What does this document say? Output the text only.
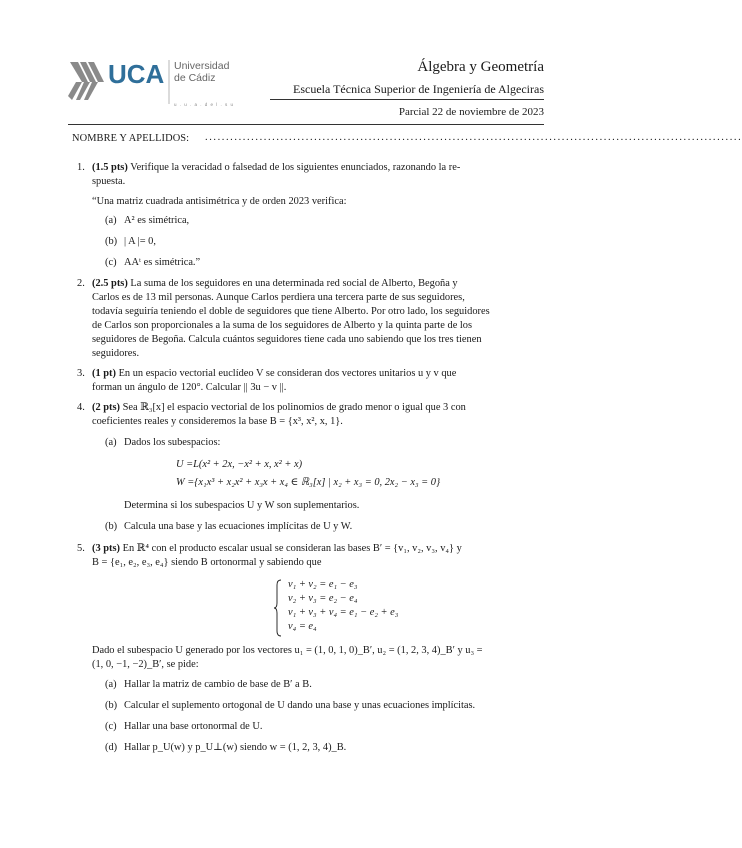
UCA Universidad
de Cádiz
u . u . a . d e l . s u
Álgebra y Geometría
Escuela Técnica Superior de Ingeniería de Algeciras
Parcial 22 de noviembre de 2023
NOMBRE Y APELLIDOS: ................................................................................................................................
1. (1.5 pts) Verifique la veracidad o falsedad de los siguientes enunciados, razonando la re-
spuesta.
“Una matriz cuadrada antisimétrica y de orden 2023 verifica:
(a) A² es simétrica,
(b) | A |= 0,
(c) AAᵗ es simétrica.”
2. (2.5 pts) La suma de los seguidores en una determinada red social de Alberto, Begoña y
Carlos es de 13 mil personas. Aunque Carlos perdiera una tercera parte de sus seguidores,
todavía seguiría teniendo el doble de seguidores que tiene Alberto. Por otro lado, los seguidores
de Carlos son proporcionales a la suma de los seguidores de Alberto y la quinta parte de los
seguidores de Begoña. Calcula cuántos seguidores tiene cada uno sabiendo que los tres tienen
seguidores.
3. (1 pt) En un espacio vectorial euclídeo V se consideran dos vectores unitarios u y v que
forman un ángulo de 120°. Calcular || 3u − v ||.
4. (2 pts) Sea ℝ₃[x] el espacio vectorial de los polinomios de grado menor o igual que 3 con
coeficientes reales y consideremos la base B = {x³, x², x, 1}.
(a) Dados los subespacios:
U =L(x² + 2x, −x² + x, x² + x)
W ={x₁x³ + x₂x² + x₃x + x₄ ∈ ℝ₃[x] | x₂ + x₃ = 0, 2x₂ − x₃ = 0}
Determina si los subespacios U y W son suplementarios.
(b) Calcula una base y las ecuaciones implícitas de U y W.
5. (3 pts) En ℝ⁴ con el producto escalar usual se consideran las bases B′ = {v₁, v₂, v₃, v₄} y
B = {e₁, e₂, e₃, e₄} siendo B ortonormal y sabiendo que
v₁ + v₂ = e₁ − e₃
v₂ + v₃ = e₂ − e₄
v₁ + v₃ + v₄ = e₁ − e₂ + e₃
v₄ = e₄
Dado el subespacio U generado por los vectores u₁ = (1, 0, 1, 0)_B′, u₂ = (1, 2, 3, 4)_B′ y u₃ =
(1, 0, −1, −2)_B′, se pide:
(a) Hallar la matriz de cambio de base de B′ a B.
(b) Calcular el suplemento ortogonal de U dando una base y unas ecuaciones implícitas.
(c) Hallar una base ortonormal de U.
(d) Hallar p_U(w) y p_U⊥(w) siendo w = (1, 2, 3, 4)_B.
